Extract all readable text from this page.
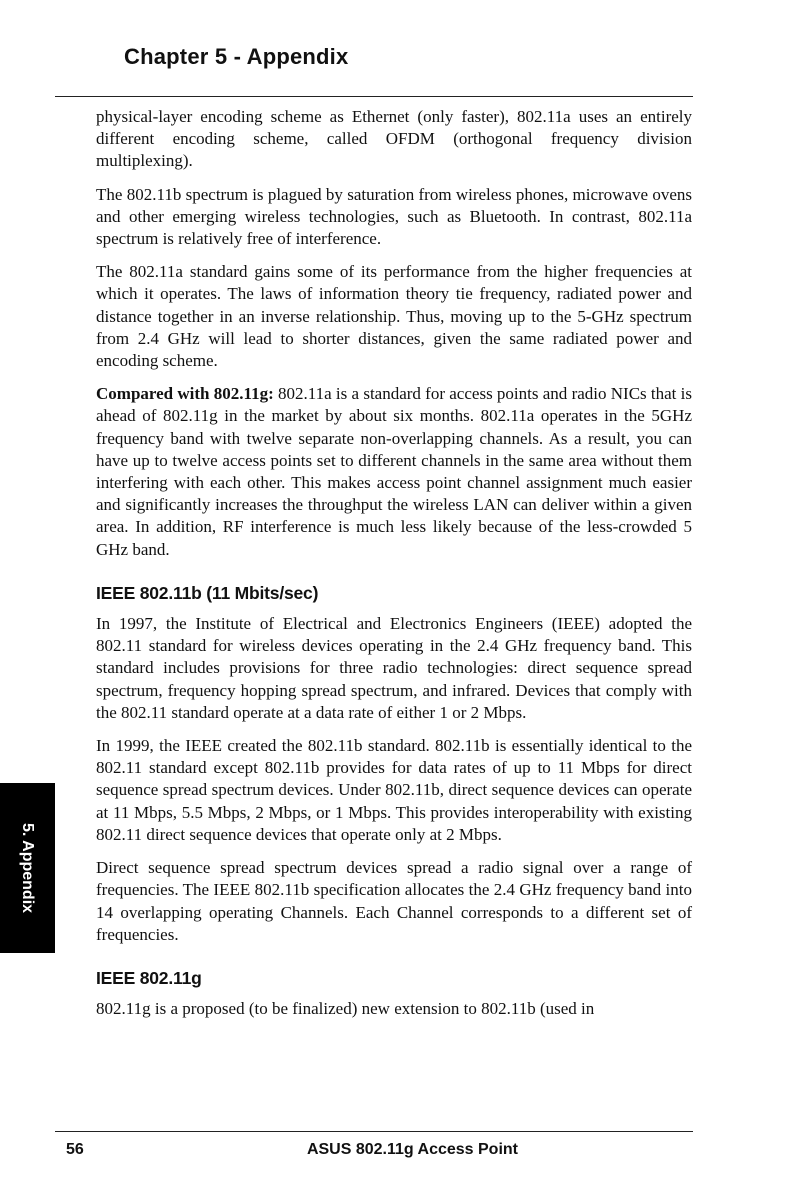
Chapter 5 - Appendix

physical-layer encoding scheme as Ethernet (only faster), 802.11a uses an entirely different encoding scheme, called OFDM (orthogonal frequency division multiplexing).

The 802.11b spectrum is plagued by saturation from wireless phones, microwave ovens and other emerging wireless technologies, such as Bluetooth. In contrast, 802.11a spectrum is relatively free of interference.

The 802.11a standard gains some of its performance from the higher frequencies at which it operates. The laws of information theory tie frequency, radiated power and distance together in an inverse relationship. Thus, moving up to the 5-GHz spectrum from 2.4 GHz will lead to shorter distances, given the same radiated power and encoding scheme.

Compared with 802.11g: 802.11a is a standard for access points and radio NICs that is ahead of 802.11g in the market by about six months. 802.11a operates in the 5GHz frequency band with twelve separate non-overlapping channels. As a result, you can have up to twelve access points set to different channels in the same area without them interfering with each other. This makes access point channel assignment much easier and significantly increases the throughput the wireless LAN can deliver within a given area. In addition, RF interference is much less likely because of the less-crowded 5 GHz band.

IEEE 802.11b (11 Mbits/sec)

In 1997, the Institute of Electrical and Electronics Engineers (IEEE) adopted the 802.11 standard for wireless devices operating in the 2.4 GHz frequency band. This standard includes provisions for three radio technologies: direct sequence spread spectrum, frequency hopping spread spectrum, and infrared. Devices that comply with the 802.11 standard operate at a data rate of either 1 or 2 Mbps.

In 1999, the IEEE created the 802.11b standard. 802.11b is essentially identical to the 802.11 standard except 802.11b provides for data rates of up to 11 Mbps for direct sequence spread spectrum devices. Under 802.11b, direct sequence devices can operate at 11 Mbps, 5.5 Mbps, 2 Mbps, or 1 Mbps. This provides interoperability with existing 802.11 direct sequence devices that operate only at 2 Mbps.

Direct sequence spread spectrum devices spread a radio signal over a range of frequencies. The IEEE 802.11b specification allocates the 2.4 GHz frequency band into 14 overlapping operating Channels. Each Channel corresponds to a different set of frequencies.

IEEE 802.11g

802.11g is a proposed (to be finalized) new extension to 802.11b (used in

5. Appendix
56	ASUS 802.11g Access Point
